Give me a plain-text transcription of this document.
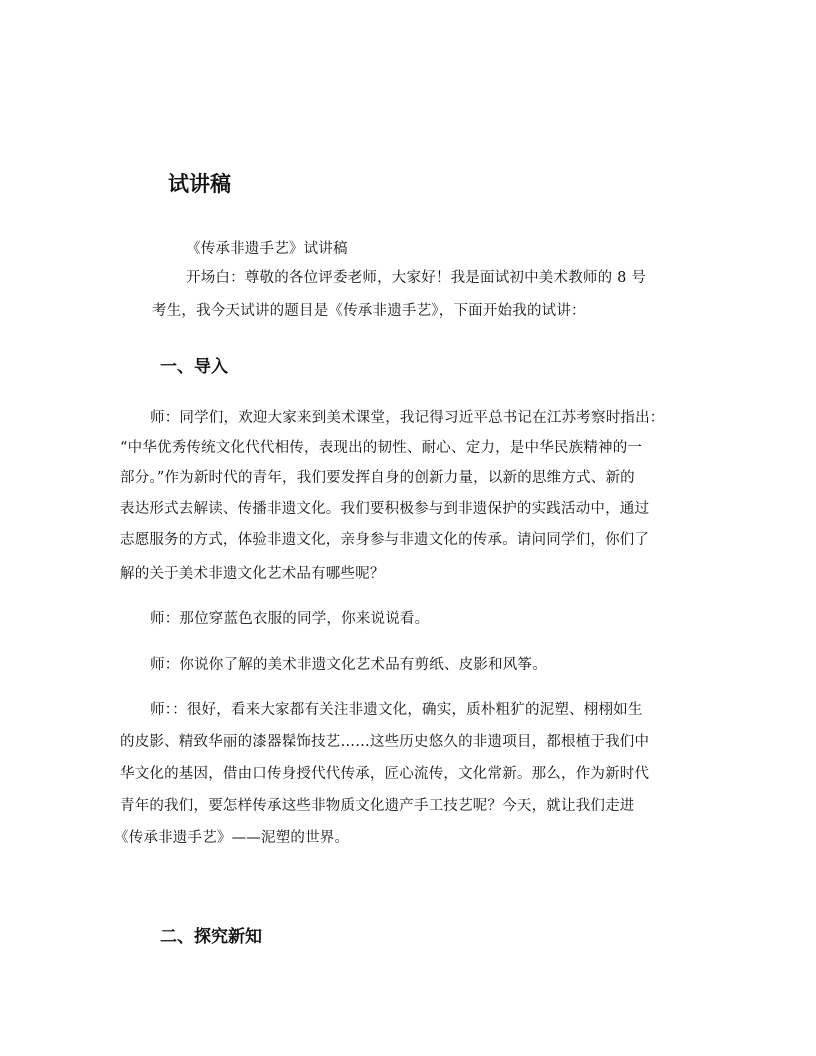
试讲稿
《传承非遗手艺》试讲稿
开场白：尊敬的各位评委老师，大家好！我是面试初中美术教师的 8 号
考生，我今天试讲的题目是《传承非遗手艺》，下面开始我的试讲：
一、导入
师：同学们，欢迎大家来到美术课堂，我记得习近平总书记在江苏考察时指出：
“中华优秀传统文化代代相传，表现出的韧性、耐心、定力，是中华民族精神的一
部分。”作为新时代的青年，我们要发挥自身的创新力量，以新的思维方式、新的
表达形式去解读、传播非遗文化。我们要积极参与到非遗保护的实践活动中，通过
志愿服务的方式，体验非遗文化，亲身参与非遗文化的传承。请问同学们，你们了
解的关于美术非遗文化艺术品有哪些呢？
师：那位穿蓝色衣服的同学，你来说说看。
师：你说你了解的美术非遗文化艺术品有剪纸、皮影和风筝。
师：：很好，看来大家都有关注非遗文化，确实，质朴粗犷的泥塑、栩栩如生
的皮影、精致华丽的漆器髹饰技艺……这些历史悠久的非遗项目，都根植于我们中
华文化的基因，借由口传身授代代传承，匠心流传，文化常新。那么，作为新时代
青年的我们，要怎样传承这些非物质文化遗产手工技艺呢？今天，就让我们走进
《传承非遗手艺》——泥塑的世界。
二、探究新知
